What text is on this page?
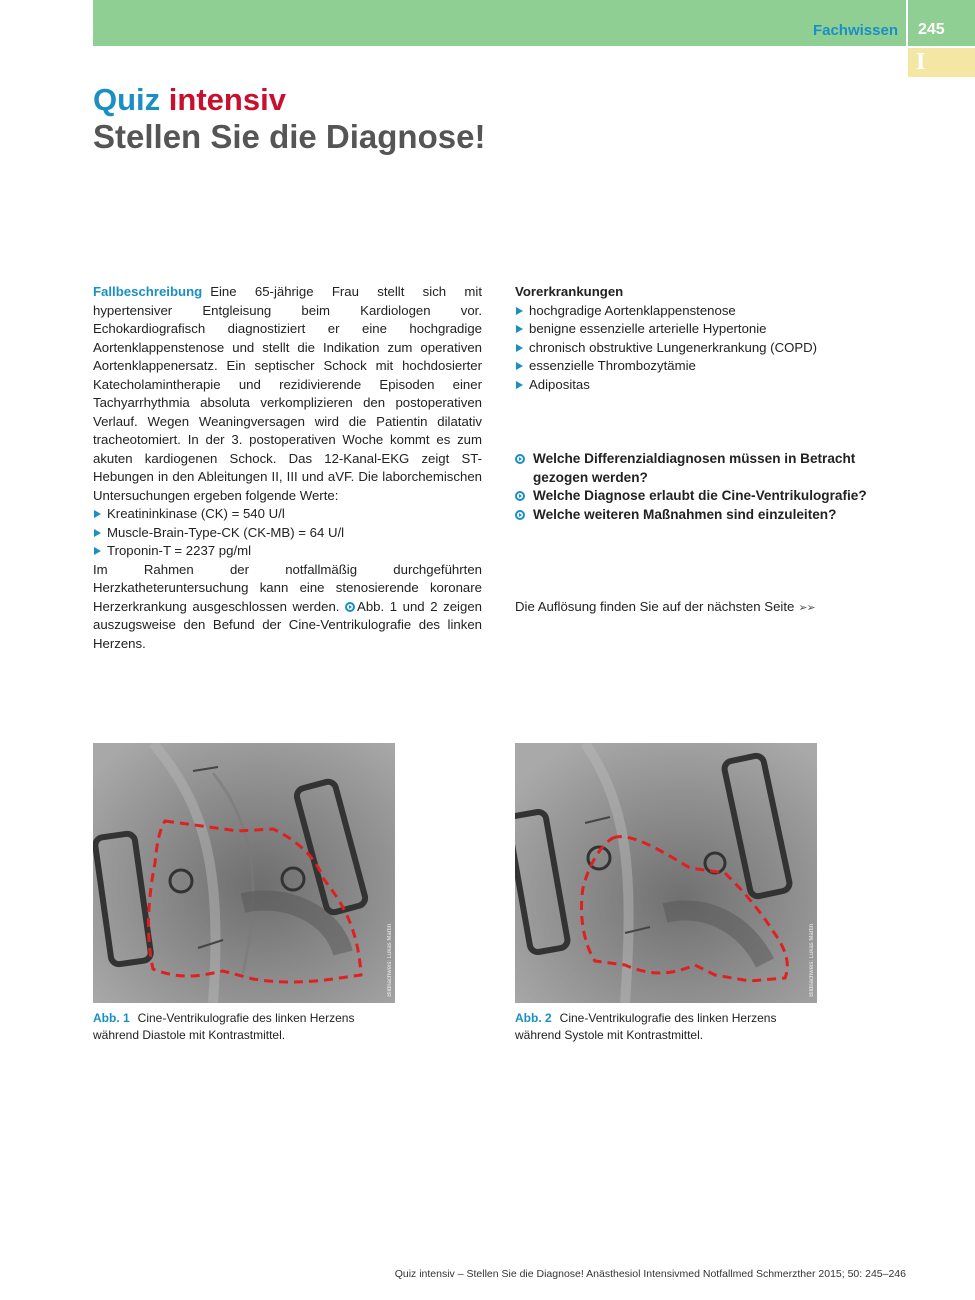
Fachwissen 245
I
Quiz intensiv
Stellen Sie die Diagnose!

Fallbeschreibung Eine 65-jährige Frau stellt sich mit hypertensiver Entgleisung beim Kardiologen vor. Echokardiografisch diagnostiziert er eine hochgradige Aortenklappenstenose und stellt die Indikation zum operativen Aortenklappenersatz. Ein septischer Schock mit hochdosierter Katecholamintherapie und rezidivierende Episoden einer Tachyarrhythmia absoluta verkomplizieren den postoperativen Verlauf. Wegen Weaningversagen wird die Patientin dilatativ tracheotomiert. In der 3. postoperativen Woche kommt es zum akuten kardiogenen Schock. Das 12-Kanal-EKG zeigt ST-Hebungen in den Ableitungen II, III und aVF. Die laborchemischen Untersuchungen ergeben folgende Werte:

Kreatininkinase (CK) = 540 U/l
Muscle-Brain-Type-CK (CK-MB) = 64 U/l
Troponin-T = 2237 pg/ml

Im Rahmen der notfallmäßig durchgeführten Herzkatheteruntersuchung kann eine stenosierende koronare Herzerkrankung ausgeschlossen werden. Abb. 1 und 2 zeigen auszugsweise den Befund der Cine-Ventrikulografie des linken Herzens.

Vorerkrankungen
hochgradige Aortenklappenstenose
benigne essenzielle arterielle Hypertonie
chronisch obstruktive Lungenerkrankung (COPD)
essenzielle Thrombozytämie
Adipositas
Welche Differenzialdiagnosen müssen in Betracht gezogen werden?
Welche Diagnose erlaubt die Cine-Ventrikulografie?
Welche weiteren Maßnahmen sind einzuleiten?
Die Auflösung finden Sie auf der nächsten Seite ➢➢
Bildnachweis: Lukas Martin	Bildnachweis: Lukas Martin
Abb. 1 Cine-Ventrikulografie des linken Herzens während Diastole mit Kontrastmittel.
Abb. 2 Cine-Ventrikulografie des linken Herzens während Systole mit Kontrastmittel.
Quiz intensiv – Stellen Sie die Diagnose! Anästhesiol Intensivmed Notfallmed Schmerzther 2015; 50: 245–246
